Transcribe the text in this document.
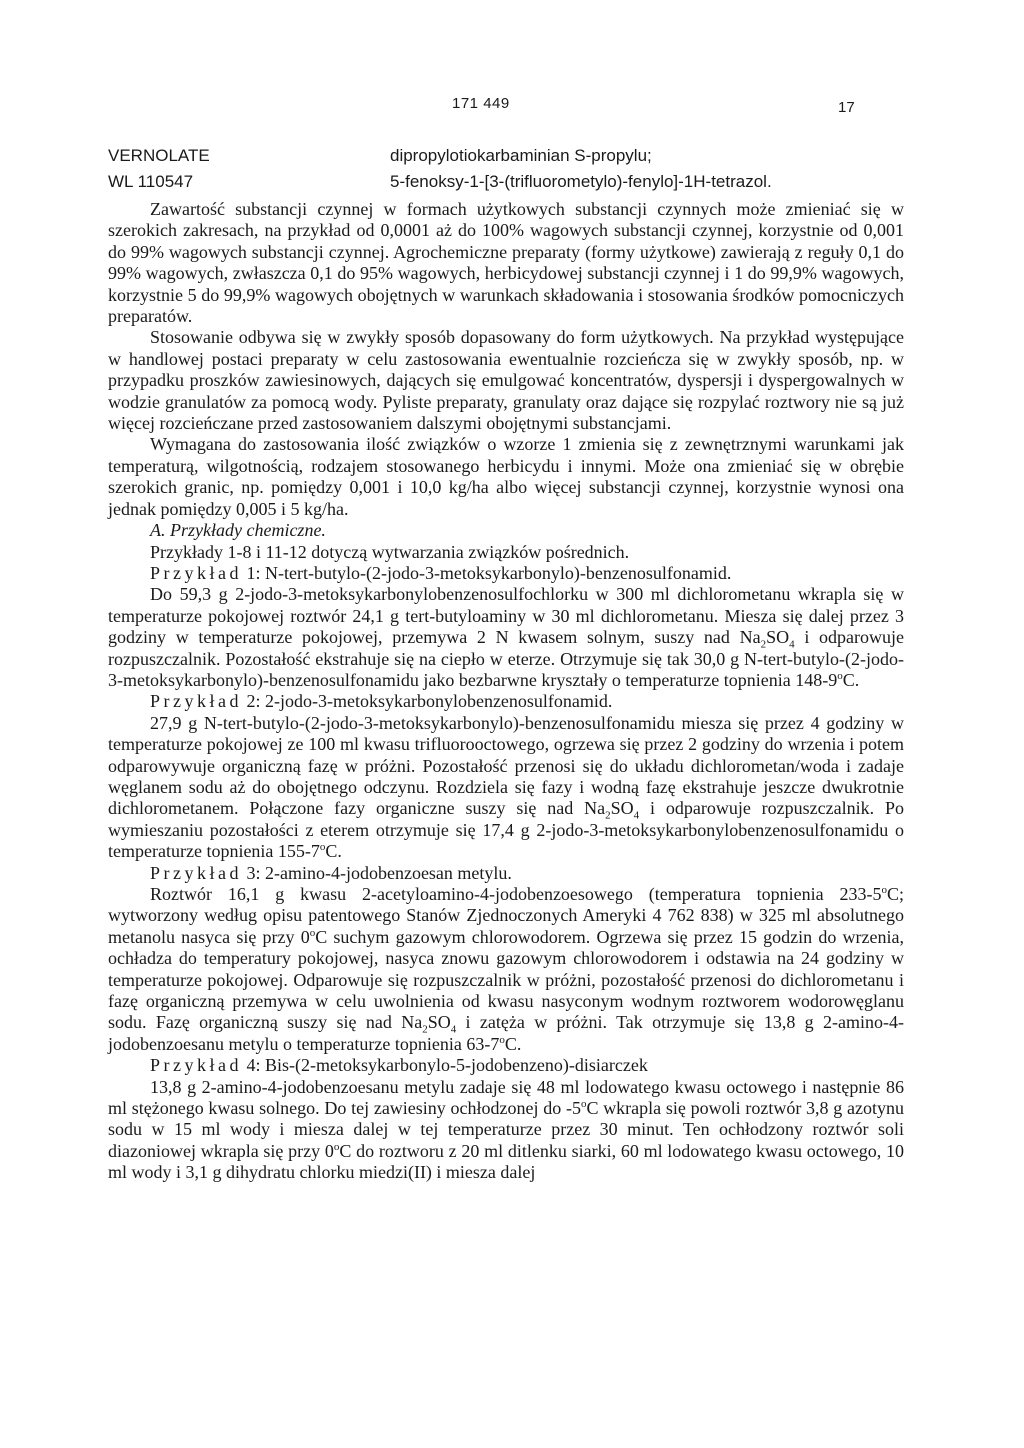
171 449	17
VERNOLATE	dipropylotiokarbaminian S-propylu;
WL 110547	5-fenoksy-1-[3-(trifluorometylo)-fenylo]-1H-tetrazol.

Zawartość substancji czynnej w formach użytkowych substancji czynnych może zmieniać się w szerokich zakresach, na przykład od 0,0001 aż do 100% wagowych substancji czynnej, korzystnie od 0,001 do 99% wagowych substancji czynnej. Agrochemiczne preparaty (formy użytkowe) zawierają z reguły 0,1 do 99% wagowych, zwłaszcza 0,1 do 95% wagowych, herbicydowej substancji czynnej i 1 do 99,9% wagowych, korzystnie 5 do 99,9% wagowych obojętnych w warunkach składowania i stosowania środków pomocniczych preparatów.

Stosowanie odbywa się w zwykły sposób dopasowany do form użytkowych. Na przykład występujące w handlowej postaci preparaty w celu zastosowania ewentualnie rozcieńcza się w zwykły sposób, np. w przypadku proszków zawiesinowych, dających się emulgować koncentratów, dyspersji i dyspergowalnych w wodzie granulatów za pomocą wody. Pyliste preparaty, granulaty oraz dające się rozpylać roztwory nie są już więcej rozcieńczane przed zastosowaniem dalszymi obojętnymi substancjami.

Wymagana do zastosowania ilość związków o wzorze 1 zmienia się z zewnętrznymi warunkami jak temperaturą, wilgotnością, rodzajem stosowanego herbicydu i innymi. Może ona zmieniać się w obrębie szerokich granic, np. pomiędzy 0,001 i 10,0 kg/ha albo więcej substancji czynnej, korzystnie wynosi ona jednak pomiędzy 0,005 i 5 kg/ha.

A. Przykłady chemiczne.

Przykłady 1-8 i 11-12 dotyczą wytwarzania związków pośrednich.

Przykład 1: N-tert-butylo-(2-jodo-3-metoksykarbonylo)-benzenosulfonamid.

Do 59,3 g 2-jodo-3-metoksykarbonylobenzenosulfochlorku w 300 ml dichlorometanu wkrapla się w temperaturze pokojowej roztwór 24,1 g tert-butyloaminy w 30 ml dichlorometanu. Miesza się dalej przez 3 godziny w temperaturze pokojowej, przemywa 2 N kwasem solnym, suszy nad $Na_2SO_4$ i odparowuje rozpuszczalnik. Pozostałość ekstrahuje się na ciepło w eterze. Otrzymuje się tak 30,0 g N-tert-butylo-(2-jodo-3-metoksykarbonylo)-benzenosulfonamidu jako bezbarwne kryształy o temperaturze topnienia 148-9$^o$C.

Przykład 2: 2-jodo-3-metoksykarbonylobenzenosulfonamid.

27,9 g N-tert-butylo-(2-jodo-3-metoksykarbonylo)-benzenosulfonamidu miesza się przez 4 godziny w temperaturze pokojowej ze 100 ml kwasu trifluorooctowego, ogrzewa się przez 2 godziny do wrzenia i potem odparowywuje organiczną fazę w próżni. Pozostałość przenosi się do układu dichlorometan/woda i zadaje węglanem sodu aż do obojętnego odczynu. Rozdziela się fazy i wodną fazę ekstrahuje jeszcze dwukrotnie dichlorometanem. Połączone fazy organiczne suszy się nad $Na_2SO_4$ i odparowuje rozpuszczalnik. Po wymieszaniu pozostałości z eterem otrzymuje się 17,4 g 2-jodo-3-metoksykarbonylobenzenosulfonamidu o temperaturze topnienia 155-7$^o$C.

Przykład 3: 2-amino-4-jodobenzoesan metylu.

Roztwór 16,1 g kwasu 2-acetyloamino-4-jodobenzoesowego (temperatura topnienia 233-5$^o$C; wytworzony według opisu patentowego Stanów Zjednoczonych Ameryki 4 762 838) w 325 ml absolutnego metanolu nasyca się przy 0$^o$C suchym gazowym chlorowodorem. Ogrzewa się przez 15 godzin do wrzenia, ochładza do temperatury pokojowej, nasyca znowu gazowym chlorowodorem i odstawia na 24 godziny w temperaturze pokojowej. Odparowuje się rozpuszczalnik w próżni, pozostałość przenosi do dichlorometanu i fazę organiczną przemywa w celu uwolnienia od kwasu nasyconym wodnym roztworem wodorowęglanu sodu. Fazę organiczną suszy się nad $Na_2SO_4$ i zatęża w próżni. Tak otrzymuje się 13,8 g 2-amino-4-jodobenzoesanu metylu o temperaturze topnienia 63-7$^o$C.

Przykład 4: Bis-(2-metoksykarbonylo-5-jodobenzeno)-disiarczek

13,8 g 2-amino-4-jodobenzoesanu metylu zadaje się 48 ml lodowatego kwasu octowego i następnie 86 ml stężonego kwasu solnego. Do tej zawiesiny ochłodzonej do -5$^o$C wkrapla się powoli roztwór 3,8 g azotynu sodu w 15 ml wody i miesza dalej w tej temperaturze przez 30 minut. Ten ochłodzony roztwór soli diazoniowej wkrapla się przy 0$^o$C do roztworu z 20 ml ditlenku siarki, 60 ml lodowatego kwasu octowego, 10 ml wody i 3,1 g dihydratu chlorku miedzi(II) i miesza dalej
